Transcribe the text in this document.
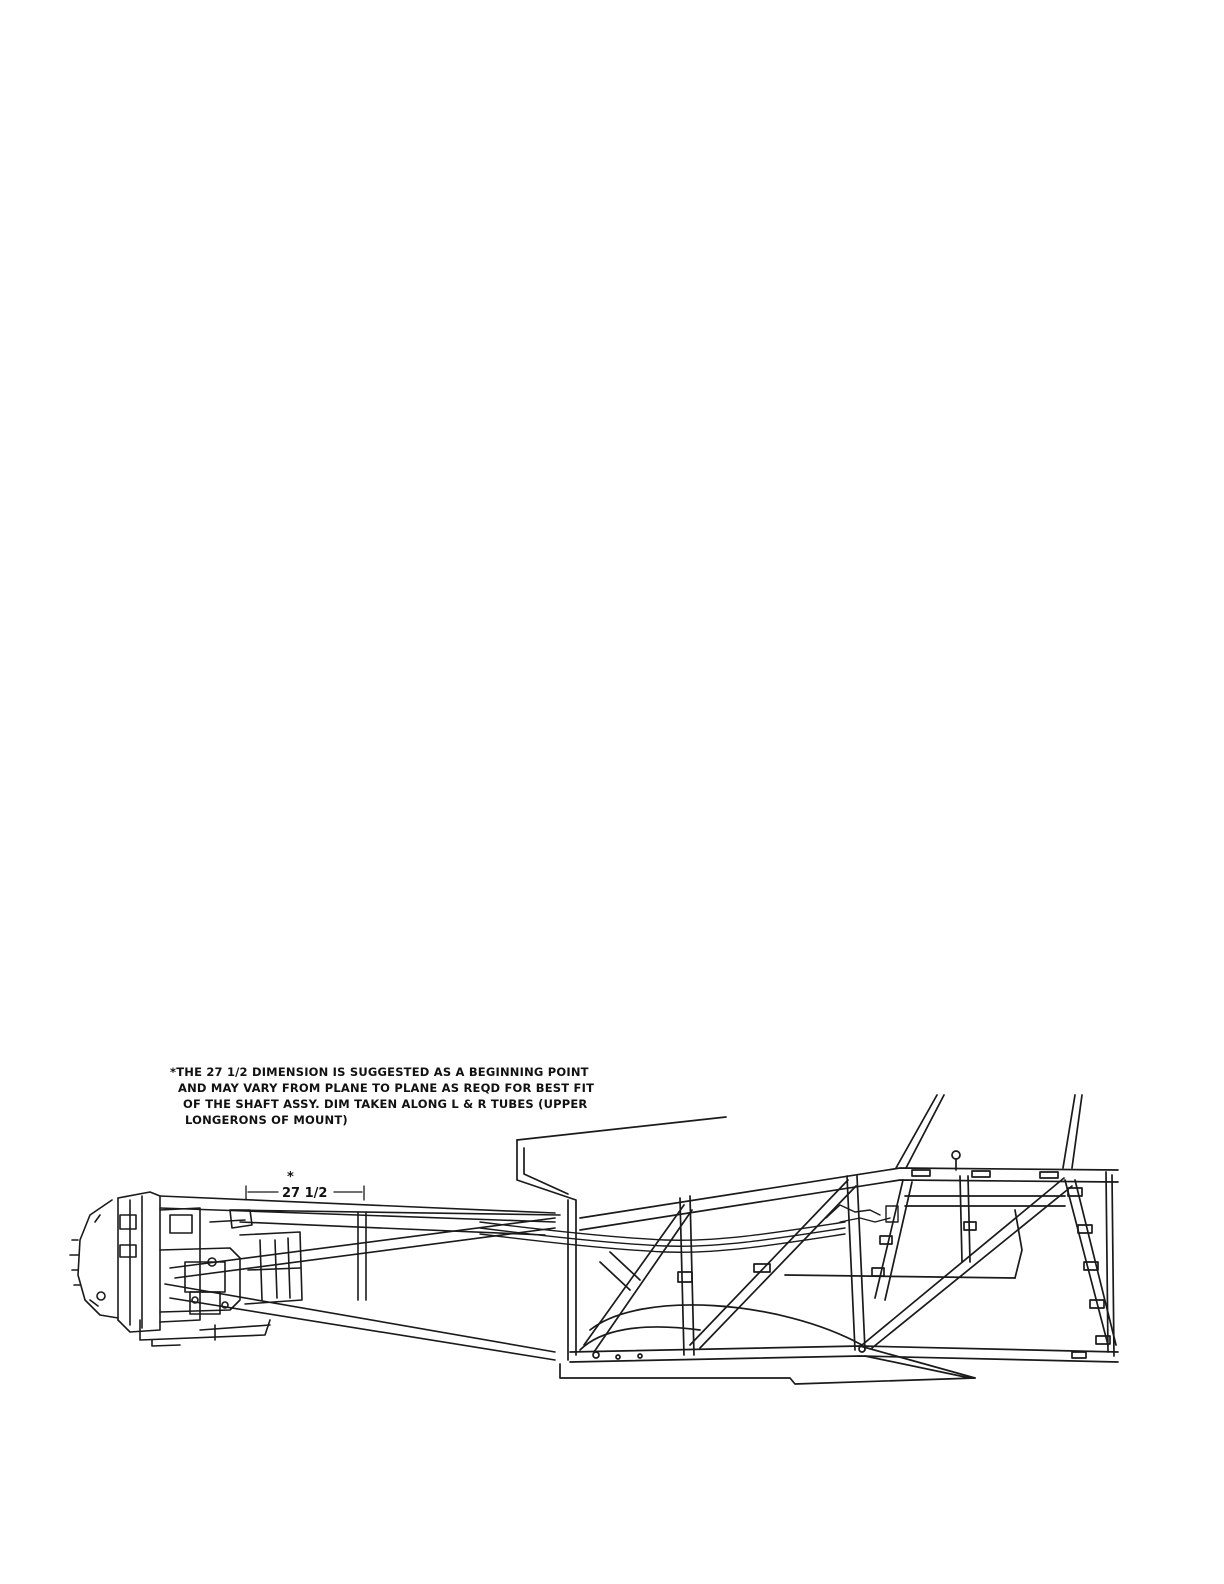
*THE 27 1/2 DIMENSION IS SUGGESTED AS A BEGINNING POINT
AND MAY VARY FROM PLANE TO PLANE AS REQD FOR BEST FIT
OF THE SHAFT ASSY. DIM TAKEN ALONG L & R TUBES (UPPER
LONGERONS OF MOUNT)
*
27 1/2
